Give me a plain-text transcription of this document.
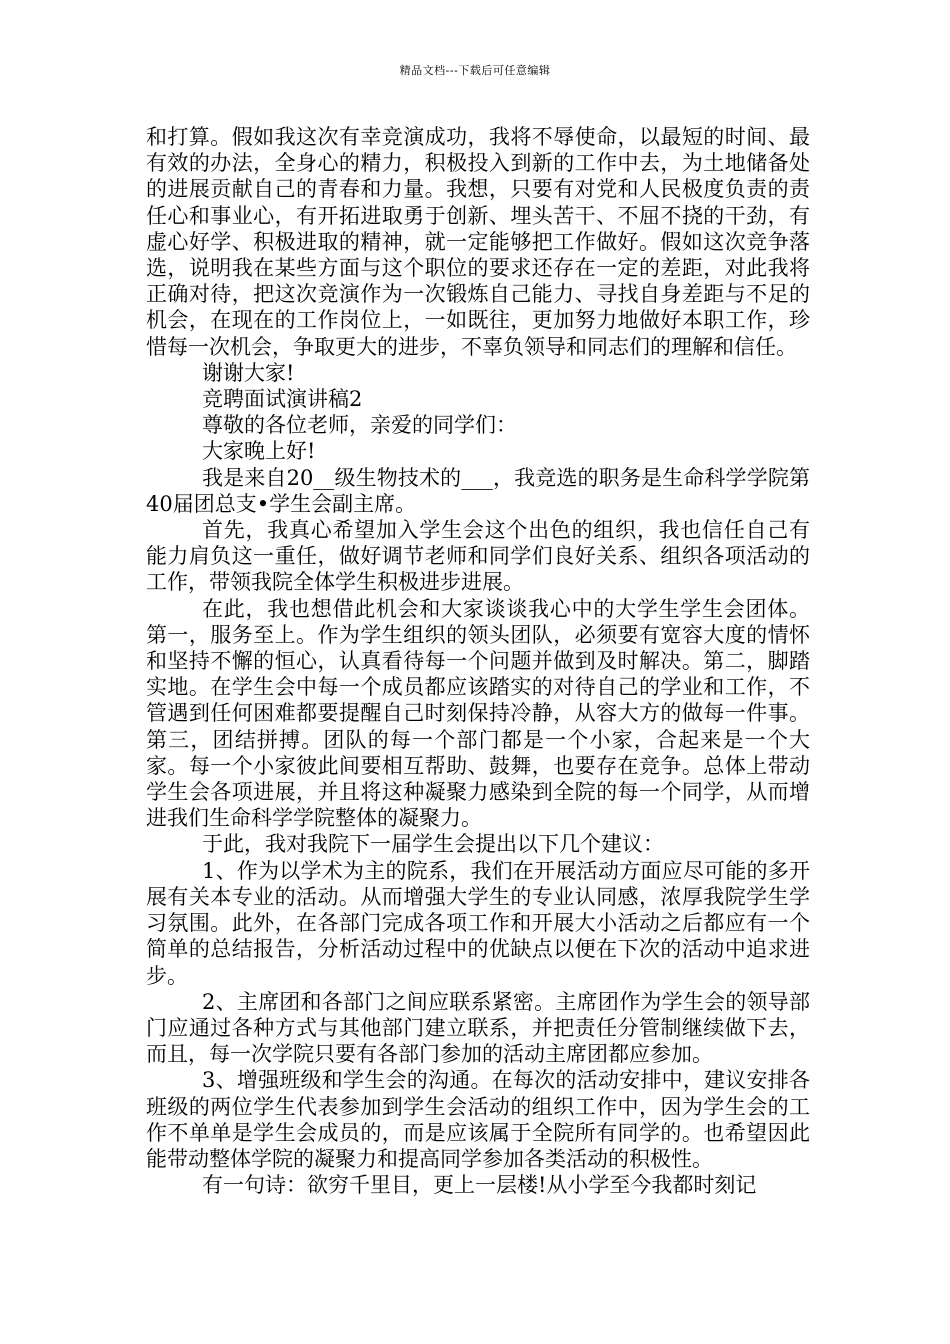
精品文档---下载后可任意编辑

和打算。假如我这次有幸竞演成功，我将不辱使命，以最短的时间、最有效的办法，全身心的精力，积极投入到新的工作中去，为土地储备处的进展贡献自己的青春和力量。我想，只要有对党和人民极度负责的责任心和事业心，有开拓进取勇于创新、埋头苦干、不屈不挠的干劲，有虚心好学、积极进取的精神，就一定能够把工作做好。假如这次竞争落选，说明我在某些方面与这个职位的要求还存在一定的差距，对此我将正确对待，把这次竞演作为一次锻炼自己能力、寻找自身差距与不足的机会，在现在的工作岗位上，一如既往，更加努力地做好本职工作，珍惜每一次机会，争取更大的进步，不辜负领导和同志们的理解和信任。

谢谢大家!

竞聘面试演讲稿2

尊敬的各位老师，亲爱的同学们：

大家晚上好!

我是来自20__级生物技术的___，我竞选的职务是生命科学学院第40届团总支•学生会副主席。

首先，我真心希望加入学生会这个出色的组织，我也信任自己有能力肩负这一重任，做好调节老师和同学们良好关系、组织各项活动的工作，带领我院全体学生积极进步进展。

在此，我也想借此机会和大家谈谈我心中的大学生学生会团体。第一，服务至上。作为学生组织的领头团队，必须要有宽容大度的情怀和坚持不懈的恒心，认真看待每一个问题并做到及时解决。第二，脚踏实地。在学生会中每一个成员都应该踏实的对待自己的学业和工作，不管遇到任何困难都要提醒自己时刻保持冷静，从容大方的做每一件事。第三，团结拼搏。团队的每一个部门都是一个小家，合起来是一个大家。每一个小家彼此间要相互帮助、鼓舞，也要存在竞争。总体上带动学生会各项进展，并且将这种凝聚力感染到全院的每一个同学，从而增进我们生命科学学院整体的凝聚力。

于此，我对我院下一届学生会提出以下几个建议：

1、作为以学术为主的院系，我们在开展活动方面应尽可能的多开展有关本专业的活动。从而增强大学生的专业认同感，浓厚我院学生学习氛围。此外，在各部门完成各项工作和开展大小活动之后都应有一个简单的总结报告，分析活动过程中的优缺点以便在下次的活动中追求进步。

2、主席团和各部门之间应联系紧密。主席团作为学生会的领导部门应通过各种方式与其他部门建立联系，并把责任分管制继续做下去，而且，每一次学院只要有各部门参加的活动主席团都应参加。

3、增强班级和学生会的沟通。在每次的活动安排中，建议安排各班级的两位学生代表参加到学生会活动的组织工作中，因为学生会的工作不单单是学生会成员的，而是应该属于全院所有同学的。也希望因此能带动整体学院的凝聚力和提高同学参加各类活动的积极性。

有一句诗：欲穷千里目，更上一层楼!从小学至今我都时刻记
